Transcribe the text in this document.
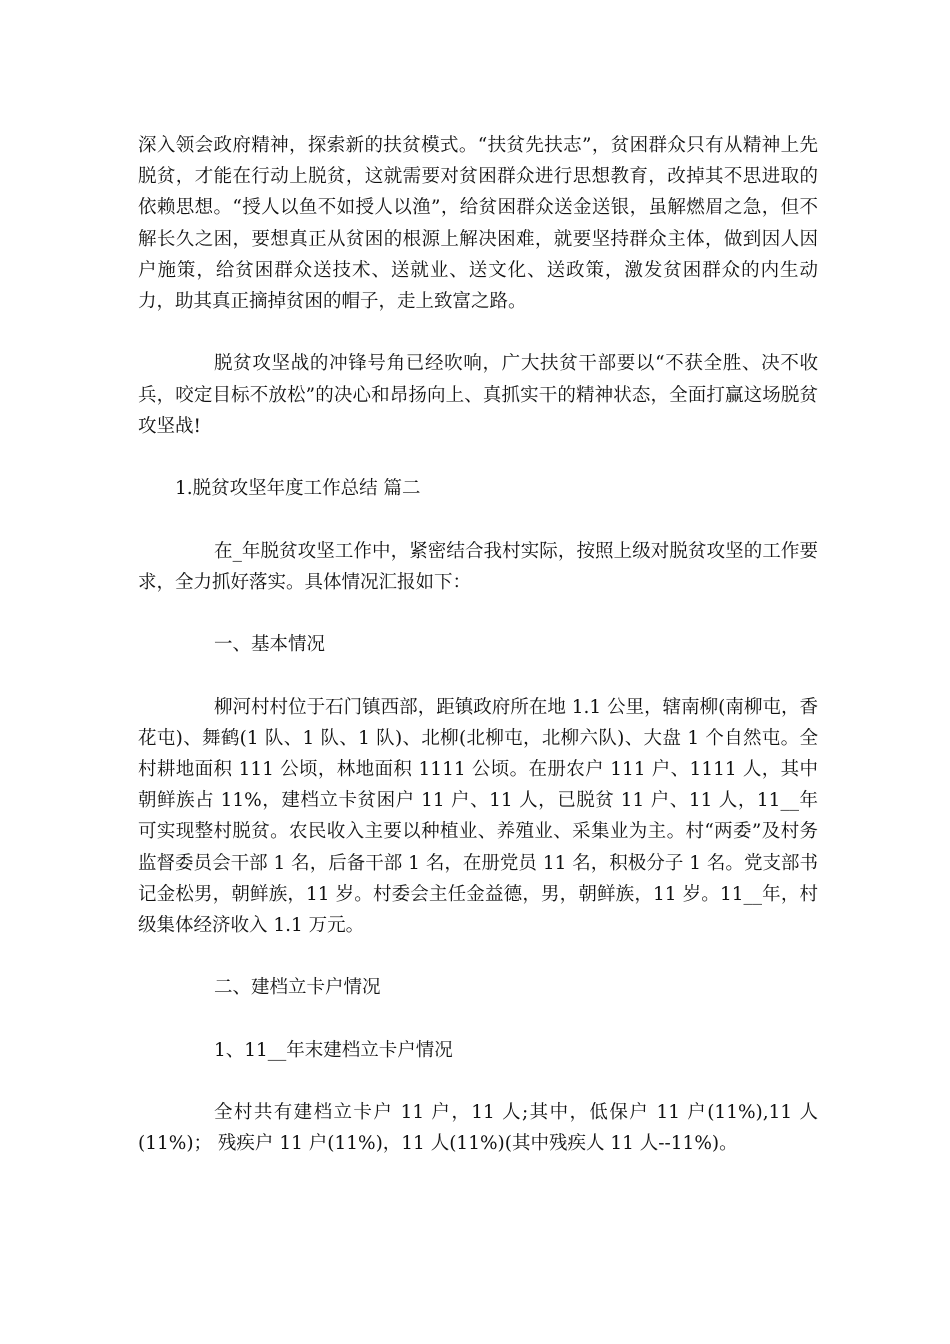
深入领会政府精神，探索新的扶贫模式。“扶贫先扶志”，贫困群众只有从精神上先脱贫，才能在行动上脱贫，这就需要对贫困群众进行思想教育，改掉其不思进取的依赖思想。“授人以鱼不如授人以渔”，给贫困群众送金送银，虽解燃眉之急，但不解长久之困，要想真正从贫困的根源上解决困难，就要坚持群众主体，做到因人因户施策，给贫困群众送技术、送就业、送文化、送政策，激发贫困群众的内生动力，助其真正摘掉贫困的帽子，走上致富之路。

脱贫攻坚战的冲锋号角已经吹响，广大扶贫干部要以“不获全胜、决不收兵，咬定目标不放松”的决心和昂扬向上、真抓实干的精神状态，全面打赢这场脱贫攻坚战!

1.脱贫攻坚年度工作总结 篇二

在_年脱贫攻坚工作中，紧密结合我村实际，按照上级对脱贫攻坚的工作要求，全力抓好落实。具体情况汇报如下：

一、基本情况

柳河村村位于石门镇西部，距镇政府所在地 1.1 公里，辖南柳(南柳屯，香花屯)、舞鹤(1 队、1 队、1 队)、北柳(北柳屯，北柳六队)、大盘 1 个自然屯。全村耕地面积 111 公顷，林地面积 1111 公顷。在册农户 111 户、1111 人，其中朝鲜族占 11%，建档立卡贫困户 11 户、11 人，已脱贫 11 户、11 人，11__年可实现整村脱贫。农民收入主要以种植业、养殖业、采集业为主。村“两委”及村务监督委员会干部 1 名，后备干部 1 名，在册党员 11 名，积极分子 1 名。党支部书记金松男，朝鲜族，11 岁。村委会主任金益德，男，朝鲜族，11 岁。11__年，村级集体经济收入 1.1 万元。

二、建档立卡户情况

1、11__年末建档立卡户情况

全村共有建档立卡户 11 户，11 人;其中，低保户 11 户(11%),11 人(11%)； 残疾户 11 户(11%)，11 人(11%)(其中残疾人 11 人--11%)。
